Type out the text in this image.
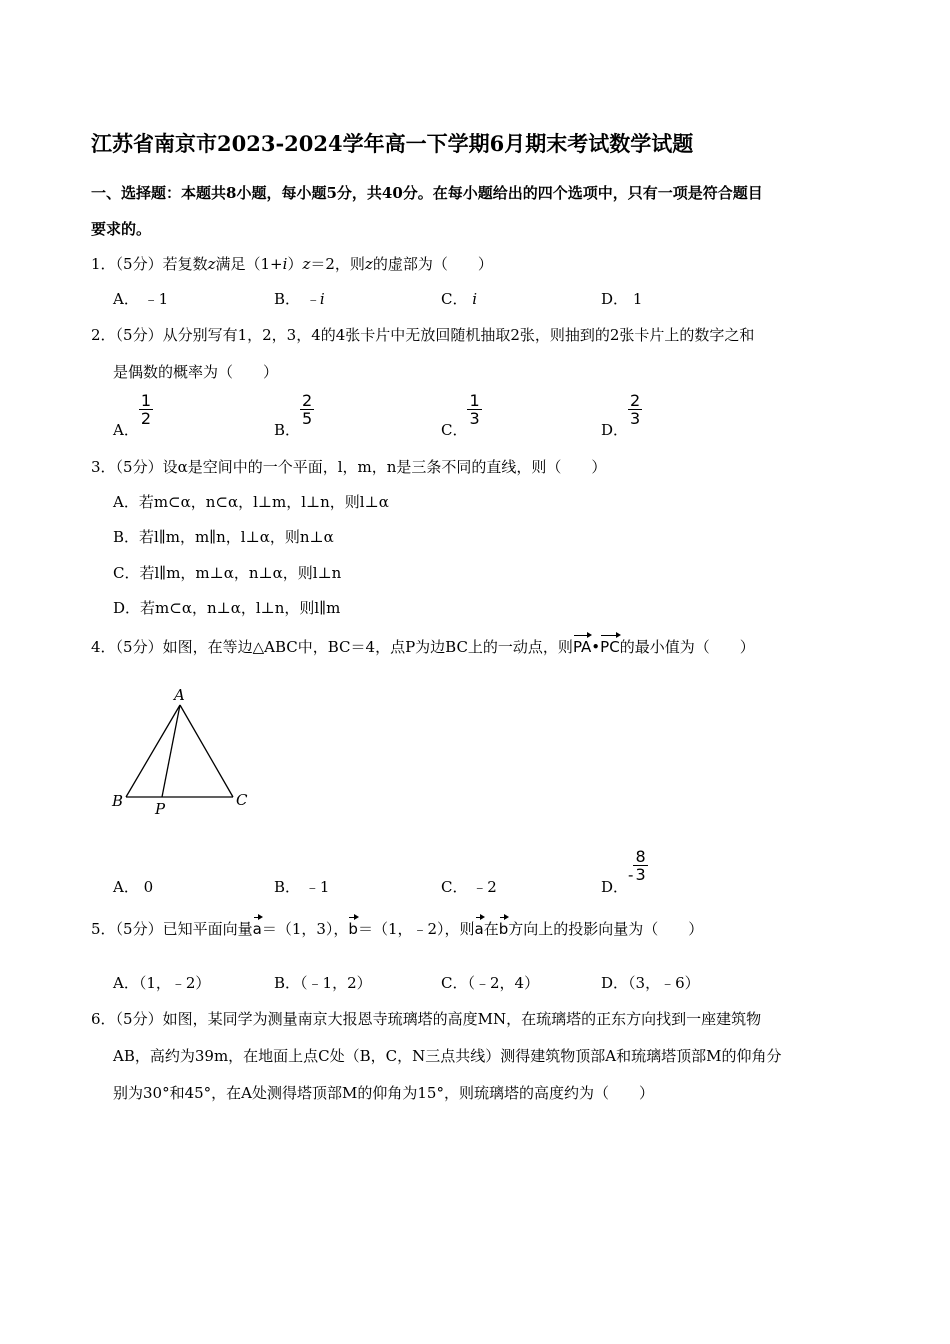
江苏省南京市2023-2024学年高一下学期6月期末考试数学试题
一、选择题：本题共8小题，每小题5分，共40分。在每小题给出的四个选项中，只有一项是符合题目
要求的。
1．（5分）若复数z满足（1+i）z＝2，则z的虚部为（　　）
A． ﹣1	B． ﹣i	C． i	D． 1
2．（5分）从分别写有1，2，3，4的4张卡片中无放回随机抽取2张，则抽到的2张卡片上的数字之和
是偶数的概率为（　　）
A．
$\frac{1}{2}$
B．
$\frac{2}{5}$
C．
$\frac{1}{3}$
D．
$\frac{2}{3}$
3．（5分）设α是空间中的一个平面，l，m，n是三条不同的直线，则（　　）
A．若m⊂α，n⊂α，l⊥m，l⊥n，则l⊥α
B．若l∥m，m∥n，l⊥α，则n⊥α
C．若l∥m，m⊥α，n⊥α，则l⊥n
D．若m⊂α，n⊥α，l⊥n，则l∥m
4．（5分）如图，在等边△ABC中，BC＝4，点P为边BC上的一动点，则PA•PC的最小值为（　　）
A
B	C
P
A． 0	B． ﹣1	C． ﹣2	D．- $\frac{8}{3}$
5．（5分）已知平面向量a＝（1，3），b＝（1，﹣2），则a在b方向上的投影向量为（　　）
A．（1，﹣2）	B．（﹣1，2）	C．（﹣2，4）	D．（3，﹣6）
6．（5分）如图，某同学为测量南京大报恩寺琉璃塔的高度MN，在琉璃塔的正东方向找到一座建筑物
AB，高约为39m，在地面上点C处（B，C，N三点共线）测得建筑物顶部A和琉璃塔顶部M的仰角分
别为30°和45°，在A处测得塔顶部M的仰角为15°，则琉璃塔的高度约为（　　）
